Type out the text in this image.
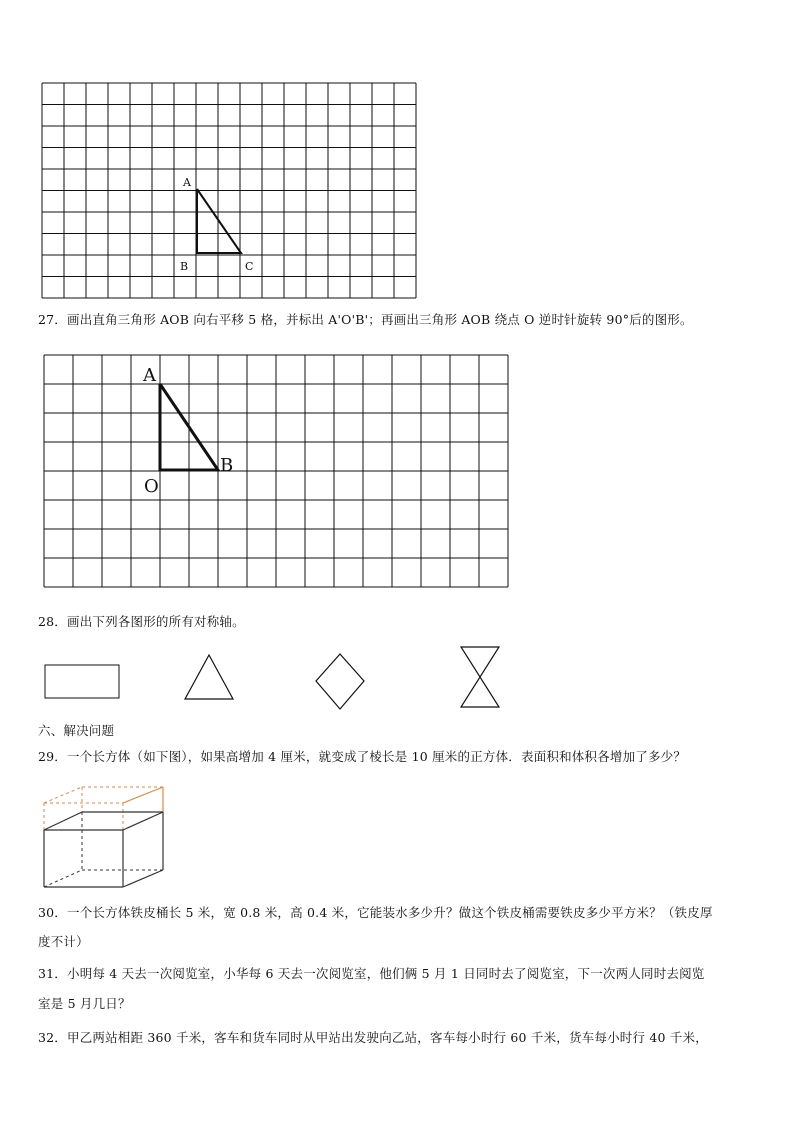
A
B	C
27．画出直角三角形 AOB 向右平移 5 格，并标出 A'O'B'；再画出三角形 AOB 绕点 O 逆时针旋转 90°后的图形。
A
O
B
28．画出下列各图形的所有对称轴。
六、解决问题
29．一个长方体（如下图），如果高增加 4 厘米，就变成了棱长是 10 厘米的正方体．表面积和体积各增加了多少？
30．一个长方体铁皮桶长 5 米，宽 0.8 米，高 0.4 米，它能装水多少升？做这个铁皮桶需要铁皮多少平方米？（铁皮厚
度不计）
31．小明每 4 天去一次阅览室，小华每 6 天去一次阅览室，他们俩 5 月 1 日同时去了阅览室，下一次两人同时去阅览
室是 5 月几日？
32．甲乙两站相距 360 千米，客车和货车同时从甲站出发驶向乙站，客车每小时行 60 千米，货车每小时行 40 千米，
